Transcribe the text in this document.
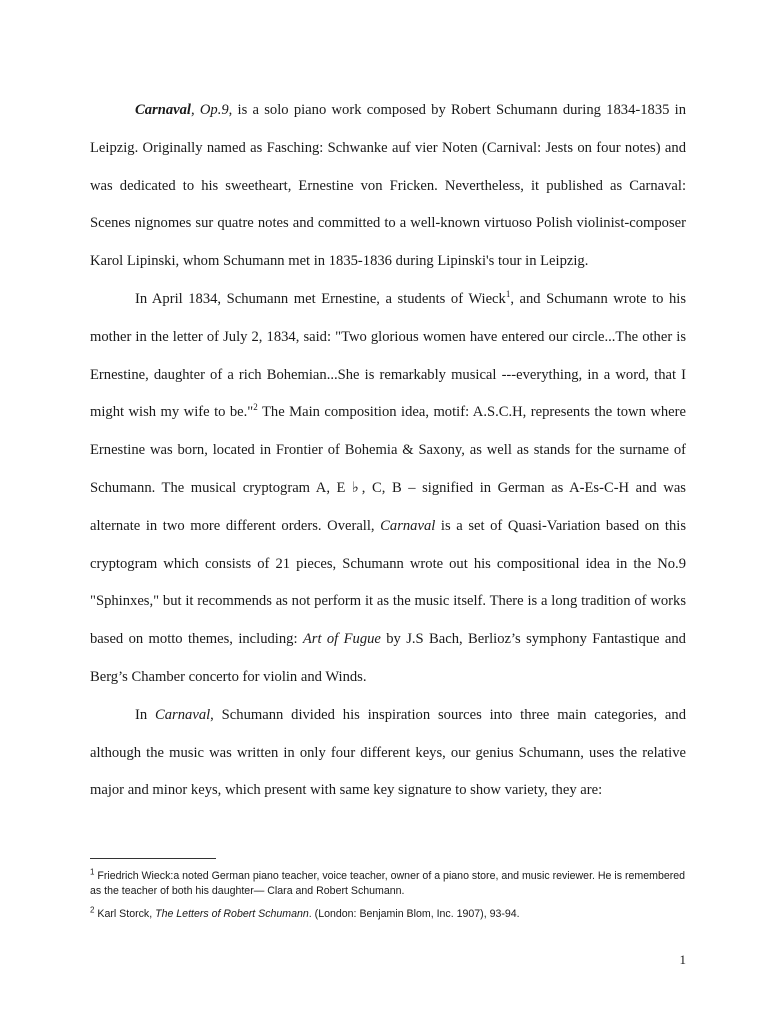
Carnaval, Op.9, is a solo piano work composed by Robert Schumann during 1834-1835 in Leipzig. Originally named as Fasching: Schwanke auf vier Noten (Carnival: Jests on four notes) and was dedicated to his sweetheart, Ernestine von Fricken. Nevertheless, it published as Carnaval: Scenes nignomes sur quatre notes and committed to a well-known virtuoso Polish violinist-composer Karol Lipinski, whom Schumann met in 1835-1836 during Lipinski's tour in Leipzig.

In April 1834, Schumann met Ernestine, a students of Wieck$^1$, and Schumann wrote to his mother in the letter of July 2, 1834, said: "Two glorious women have entered our circle...The other is Ernestine, daughter of a rich Bohemian...She is remarkably musical ---everything, in a word, that I might wish my wife to be."$^2$ The Main composition idea, motif: A.S.C.H, represents the town where Ernestine was born, located in Frontier of Bohemia & Saxony, as well as stands for the surname of Schumann. The musical cryptogram A, E ♭, C, B – signified in German as A-Es-C-H and was alternate in two more different orders. Overall, Carnaval is a set of Quasi-Variation based on this cryptogram which consists of 21 pieces, Schumann wrote out his compositional idea in the No.9 "Sphinxes," but it recommends as not perform it as the music itself. There is a long tradition of works based on motto themes, including: Art of Fugue by J.S Bach, Berlioz’s symphony Fantastique and Berg’s Chamber concerto for violin and Winds.

In Carnaval, Schumann divided his inspiration sources into three main categories, and although the music was written in only four different keys, our genius Schumann, uses the relative major and minor keys, which present with same key signature to show variety, they are:

$^1$ Friedrich Wieck:a noted German piano teacher, voice teacher, owner of a piano store, and music reviewer. He is remembered as the teacher of both his daughter— Clara and Robert Schumann.
$^2$ Karl Storck, The Letters of Robert Schumann. (London: Benjamin Blom, Inc. 1907), 93-94.
1
